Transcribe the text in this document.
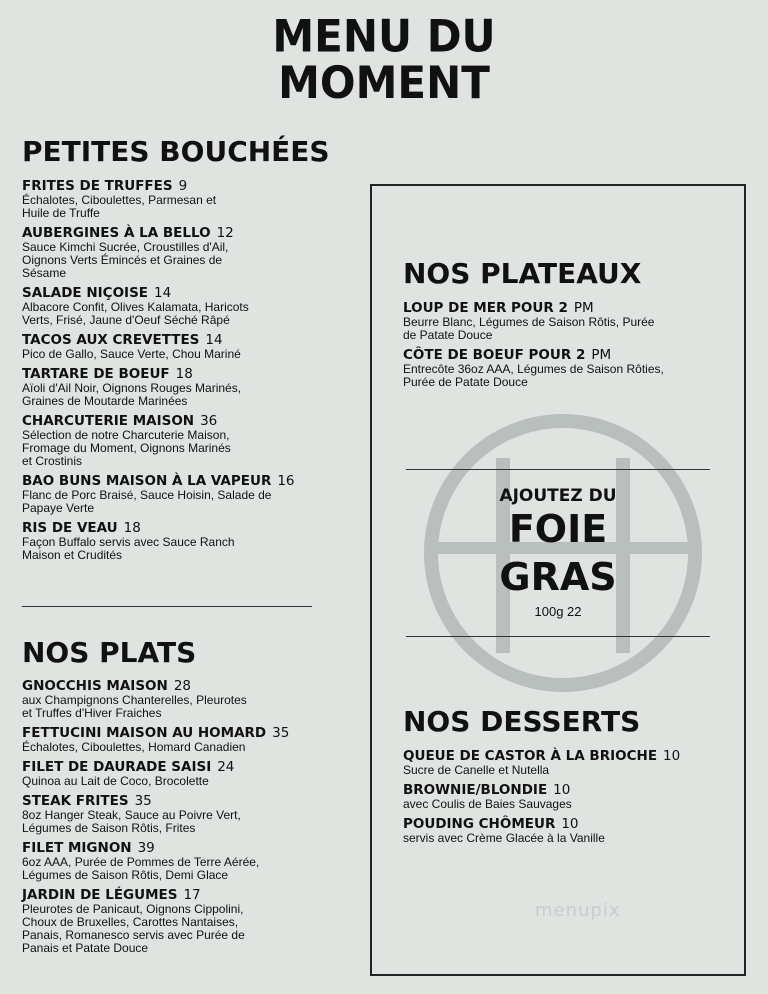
MENU DU
MOMENT
PETITES BOUCHÉES
FRITES DE TRUFFES 9
Échalotes, Ciboulettes, Parmesan et
Huile de Truffe
AUBERGINES À LA BELLO 12
Sauce Kimchi Sucrée, Croustilles d'Ail,
Oignons Verts Émincés et Graines de
Sésame
SALADE NIÇOISE 14
Albacore Confit, Olives Kalamata, Haricots
Verts, Frisé, Jaune d'Oeuf Séché Râpé
TACOS AUX CREVETTES 14
Pico de Gallo, Sauce Verte, Chou Mariné
TARTARE DE BOEUF 18
Aïoli d'Ail Noir, Oignons Rouges Marinés,
Graines de Moutarde Marinées
CHARCUTERIE MAISON 36
Sélection de notre Charcuterie Maison,
Fromage du Moment, Oignons Marinés
et Crostinis
BAO BUNS MAISON À LA VAPEUR 16
Flanc de Porc Braisé, Sauce Hoisin, Salade de
Papaye Verte
RIS DE VEAU 18
Façon Buffalo servis avec Sauce Ranch
Maison et Crudités
NOS PLATS
GNOCCHIS MAISON 28
aux Champignons Chanterelles, Pleurotes
et Truffes d'Hiver Fraiches
FETTUCINI MAISON AU HOMARD 35
Échalotes, Ciboulettes, Homard Canadien
FILET DE DAURADE SAISI 24
Quinoa au Lait de Coco, Brocolette
STEAK FRITES 35
8oz Hanger Steak, Sauce au Poivre Vert,
Légumes de Saison Rôtis, Frites
FILET MIGNON 39
6oz AAA, Purée de Pommes de Terre Aérée,
Légumes de Saison Rôtis, Demi Glace
JARDIN DE LÉGUMES 17
Pleurotes de Panicaut, Oignons Cippolini,
Choux de Bruxelles, Carottes Nantaises,
Panais, Romanesco servis avec Purée de
Panais et Patate Douce
NOS PLATEAUX
LOUP DE MER POUR 2 PM
Beurre Blanc, Légumes de Saison Rôtis, Purée
de Patate Douce
CÔTE DE BOEUF POUR 2 PM
Entrecôte 36oz AAA, Légumes de Saison Rôties,
Purée de Patate Douce
AJOUTEZ DU
FOIE
GRAS
100g 22
NOS DESSERTS
QUEUE DE CASTOR À LA BRIOCHE 10
Sucre de Canelle et Nutella
BROWNIE/BLONDIE 10
avec Coulis de Baies Sauvages
POUDING CHÔMEUR 10
servis avec Crème Glacée à la Vanille
menupix
